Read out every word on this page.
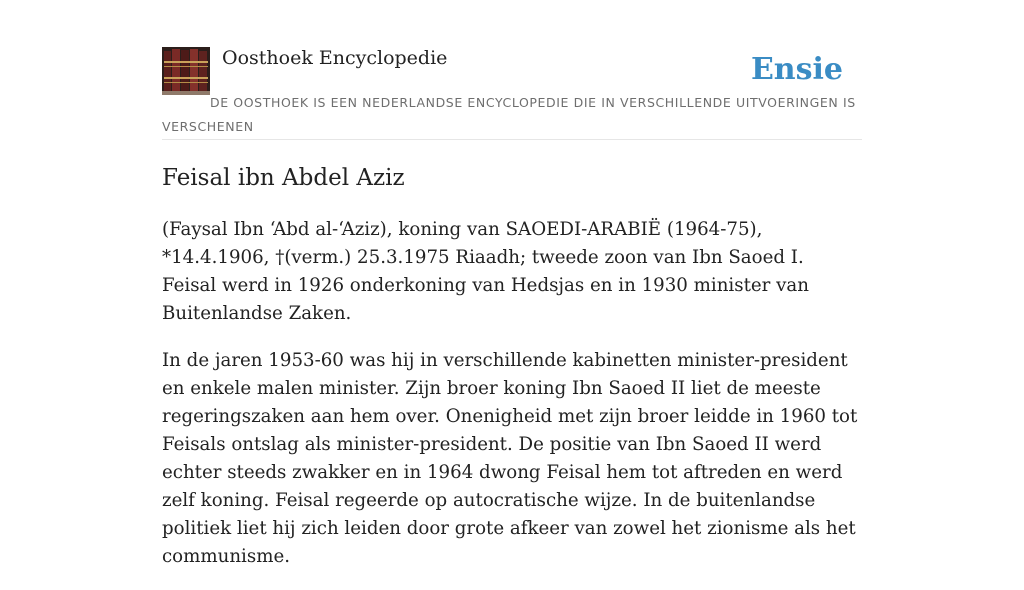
Oosthoek Encyclopedie	Ensie
DE OOSTHOEK IS EEN NEDERLANDSE ENCYCLOPEDIE DIE IN VERSCHILLENDE UITVOERINGEN IS VERSCHENEN
Feisal ibn Abdel Aziz

(Faysal Ibn ʻAbd al-ʻAziz), koning van SAOEDI-ARABIË (1964-75), *14.4.1906, †(verm.) 25.3.1975 Riaadh; tweede zoon van Ibn Saoed I. Feisal werd in 1926 onderkoning van Hedsjas en in 1930 minister van Buitenlandse Zaken.

In de jaren 1953-60 was hij in verschillende kabinetten minister-president en enkele malen minister. Zijn broer koning Ibn Saoed II liet de meeste regeringszaken aan hem over. Onenigheid met zijn broer leidde in 1960 tot Feisals ontslag als minister-president. De positie van Ibn Saoed II werd echter steeds zwakker en in 1964 dwong Feisal hem tot aftreden en werd zelf koning. Feisal regeerde op autocratische wijze. In de buitenlandse politiek liet hij zich leiden door grote afkeer van zowel het zionisme als het communisme.
